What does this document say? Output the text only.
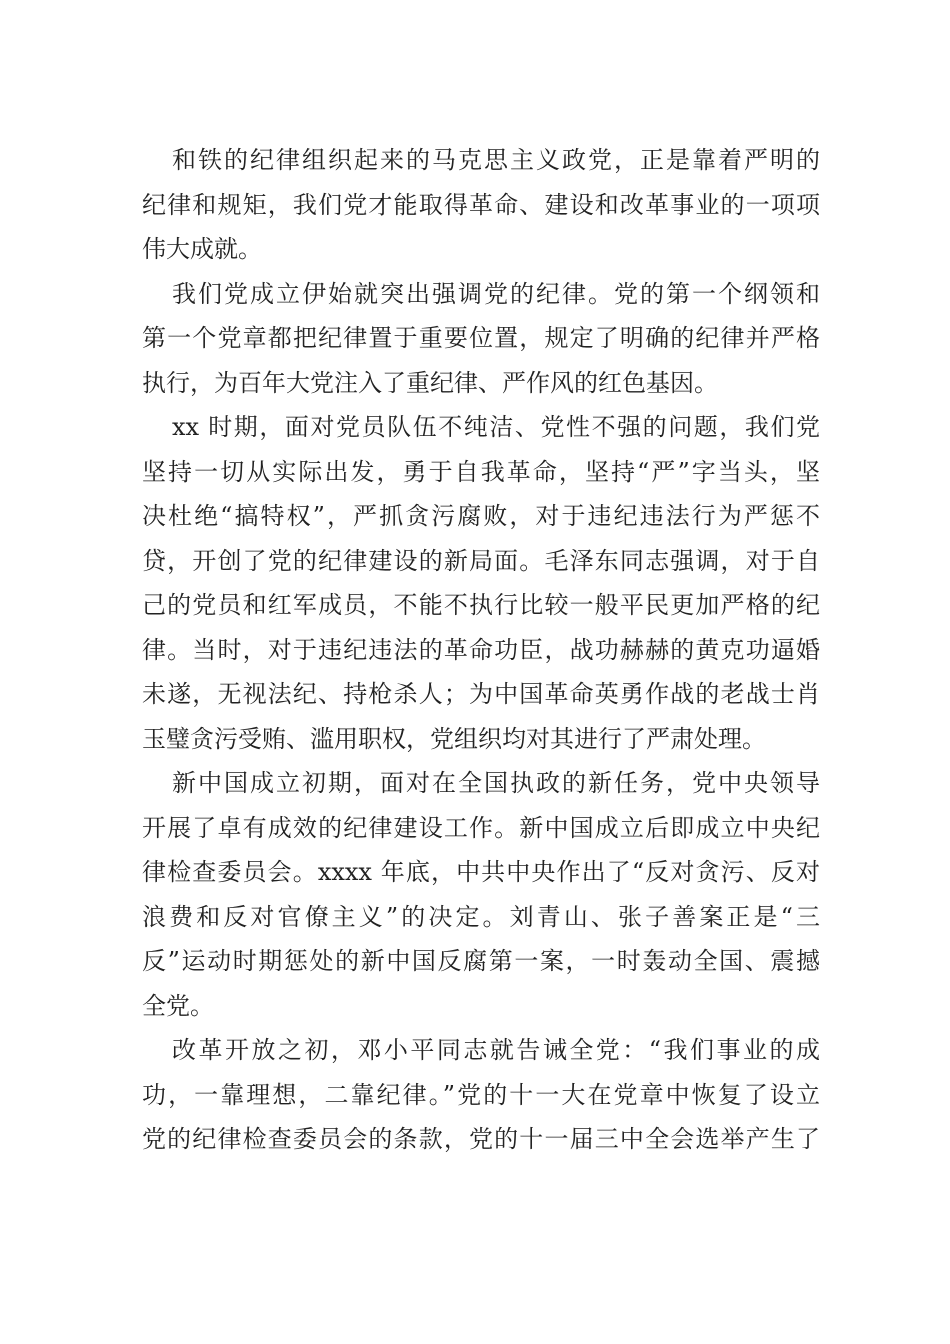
和铁的纪律组织起来的马克思主义政党，正是靠着严明的
纪律和规矩，我们党才能取得革命、建设和改革事业的一项项
伟大成就。
我们党成立伊始就突出强调党的纪律。党的第一个纲领和
第一个党章都把纪律置于重要位置，规定了明确的纪律并严格
执行，为百年大党注入了重纪律、严作风的红色基因。
xx 时期，面对党员队伍不纯洁、党性不强的问题，我们党
坚持一切从实际出发，勇于自我革命，坚持“严”字当头，坚
决杜绝“搞特权”，严抓贪污腐败，对于违纪违法行为严惩不
贷，开创了党的纪律建设的新局面。毛泽东同志强调，对于自
己的党员和红军成员，不能不执行比较一般平民更加严格的纪
律。当时，对于违纪违法的革命功臣，战功赫赫的黄克功逼婚
未遂，无视法纪、持枪杀人；为中国革命英勇作战的老战士肖
玉璧贪污受贿、滥用职权，党组织均对其进行了严肃处理。
新中国成立初期，面对在全国执政的新任务，党中央领导
开展了卓有成效的纪律建设工作。新中国成立后即成立中央纪
律检查委员会。xxxx 年底，中共中央作出了“反对贪污、反对
浪费和反对官僚主义”的决定。刘青山、张子善案正是“三
反”运动时期惩处的新中国反腐第一案，一时轰动全国、震撼
全党。
改革开放之初，邓小平同志就告诫全党：“我们事业的成
功，一靠理想，二靠纪律。”党的十一大在党章中恢复了设立
党的纪律检查委员会的条款，党的十一届三中全会选举产生了
